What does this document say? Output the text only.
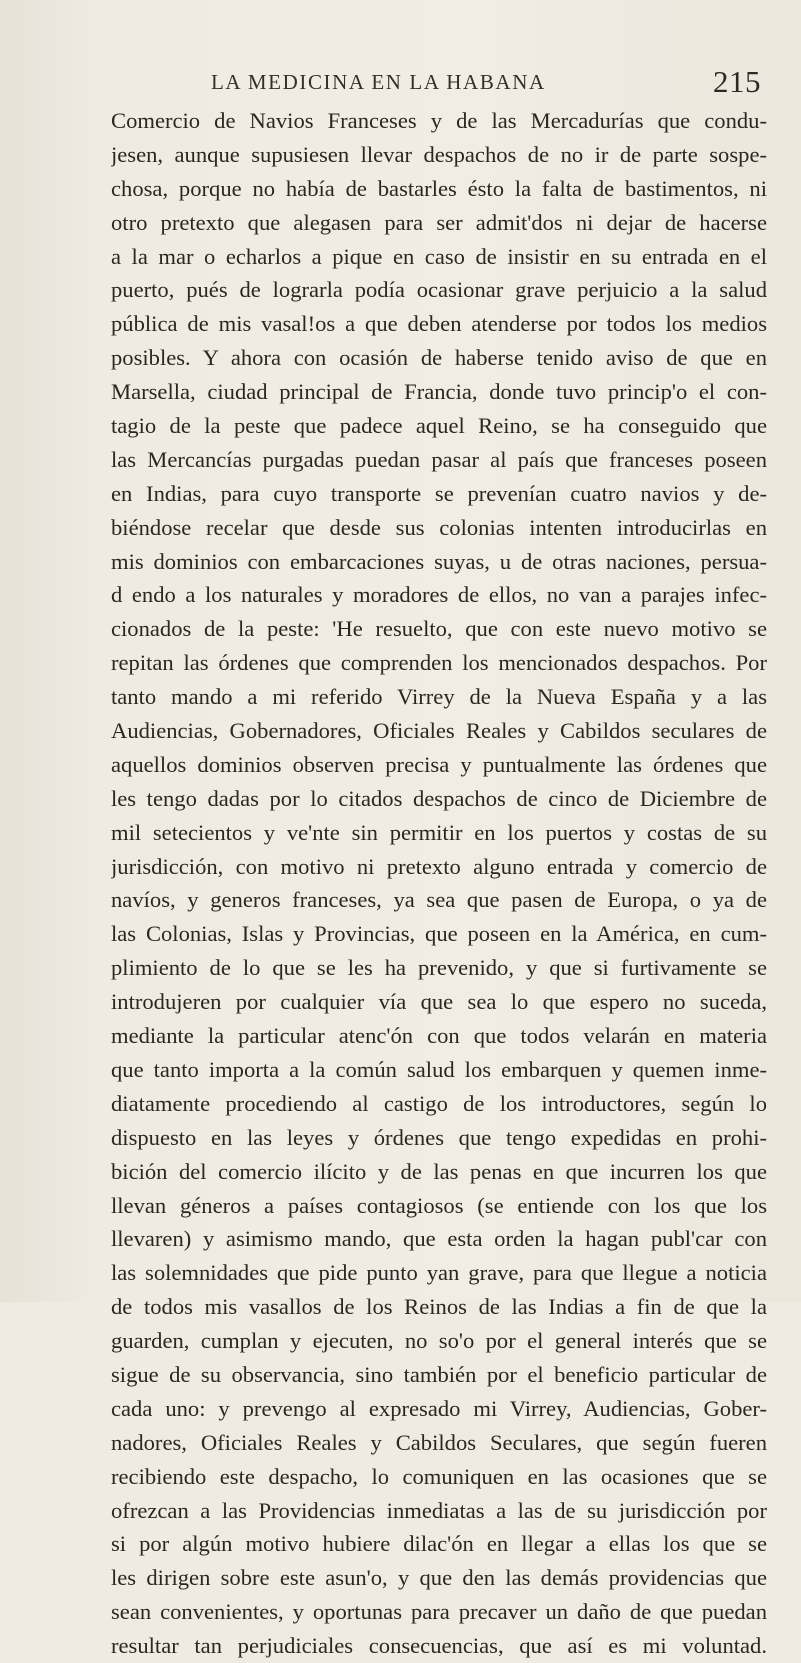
LA MEDICINA EN LA HABANA	215
Comercio de Navios Franceses y de las Mercadurías que condu-
jesen, aunque supusiesen llevar despachos de no ir de parte sospe-
chosa, porque no había de bastarles ésto la falta de bastimentos, ni
otro pretexto que alegasen para ser admit'dos ni dejar de hacerse
a la mar o echarlos a pique en caso de insistir en su entrada en el
puerto, pués de lograrla podía ocasionar grave perjuicio a la salud
pública de mis vasal!os a que deben atenderse por todos los medios
posibles. Y ahora con ocasión de haberse tenido aviso de que en
Marsella, ciudad principal de Francia, donde tuvo princip'o el con-
tagio de la peste que padece aquel Reino, se ha conseguido que
las Mercancías purgadas puedan pasar al país que franceses poseen
en Indias, para cuyo transporte se prevenían cuatro navios y de-
biéndose recelar que desde sus colonias intenten introducirlas en
mis dominios con embarcaciones suyas, u de otras naciones, persua-
d endo a los naturales y moradores de ellos, no van a parajes infec-
cionados de la peste: 'He resuelto, que con este nuevo motivo se
repitan las órdenes que comprenden los mencionados despachos. Por
tanto mando a mi referido Virrey de la Nueva España y a las
Audiencias, Gobernadores, Oficiales Reales y Cabildos seculares de
aquellos dominios observen precisa y puntualmente las órdenes que
les tengo dadas por lo citados despachos de cinco de Diciembre de
mil setecientos y ve'nte sin permitir en los puertos y costas de su
jurisdicción, con motivo ni pretexto alguno entrada y comercio de
navíos, y generos franceses, ya sea que pasen de Europa, o ya de
las Colonias, Islas y Provincias, que poseen en la América, en cum-
plimiento de lo que se les ha prevenido, y que si furtivamente se
introdujeren por cualquier vía que sea lo que espero no suceda,
mediante la particular atenc'ón con que todos velarán en materia
que tanto importa a la común salud los embarquen y quemen inme-
diatamente procediendo al castigo de los introductores, según lo
dispuesto en las leyes y órdenes que tengo expedidas en prohi-
bición del comercio ilícito y de las penas en que incurren los que
llevan géneros a países contagiosos (se entiende con los que los
llevaren) y asimismo mando, que esta orden la hagan publ'car con
las solemnidades que pide punto yan grave, para que llegue a noticia
de todos mis vasallos de los Reinos de las Indias a fin de que la
guarden, cumplan y ejecuten, no so'o por el general interés que se
sigue de su observancia, sino también por el beneficio particular de
cada uno: y prevengo al expresado mi Virrey, Audiencias, Gober-
nadores, Oficiales Reales y Cabildos Seculares, que según fueren
recibiendo este despacho, lo comuniquen en las ocasiones que se
ofrezcan a las Providencias inmediatas a las de su jurisdicción por
si por algún motivo hubiere dilac'ón en llegar a ellas los que se
les dirigen sobre este asun'o, y que den las demás providencias que
sean convenientes, y oportunas para precaver un daño de que puedan
resultar tan perjudiciales consecuencias, que así es mi voluntad.
